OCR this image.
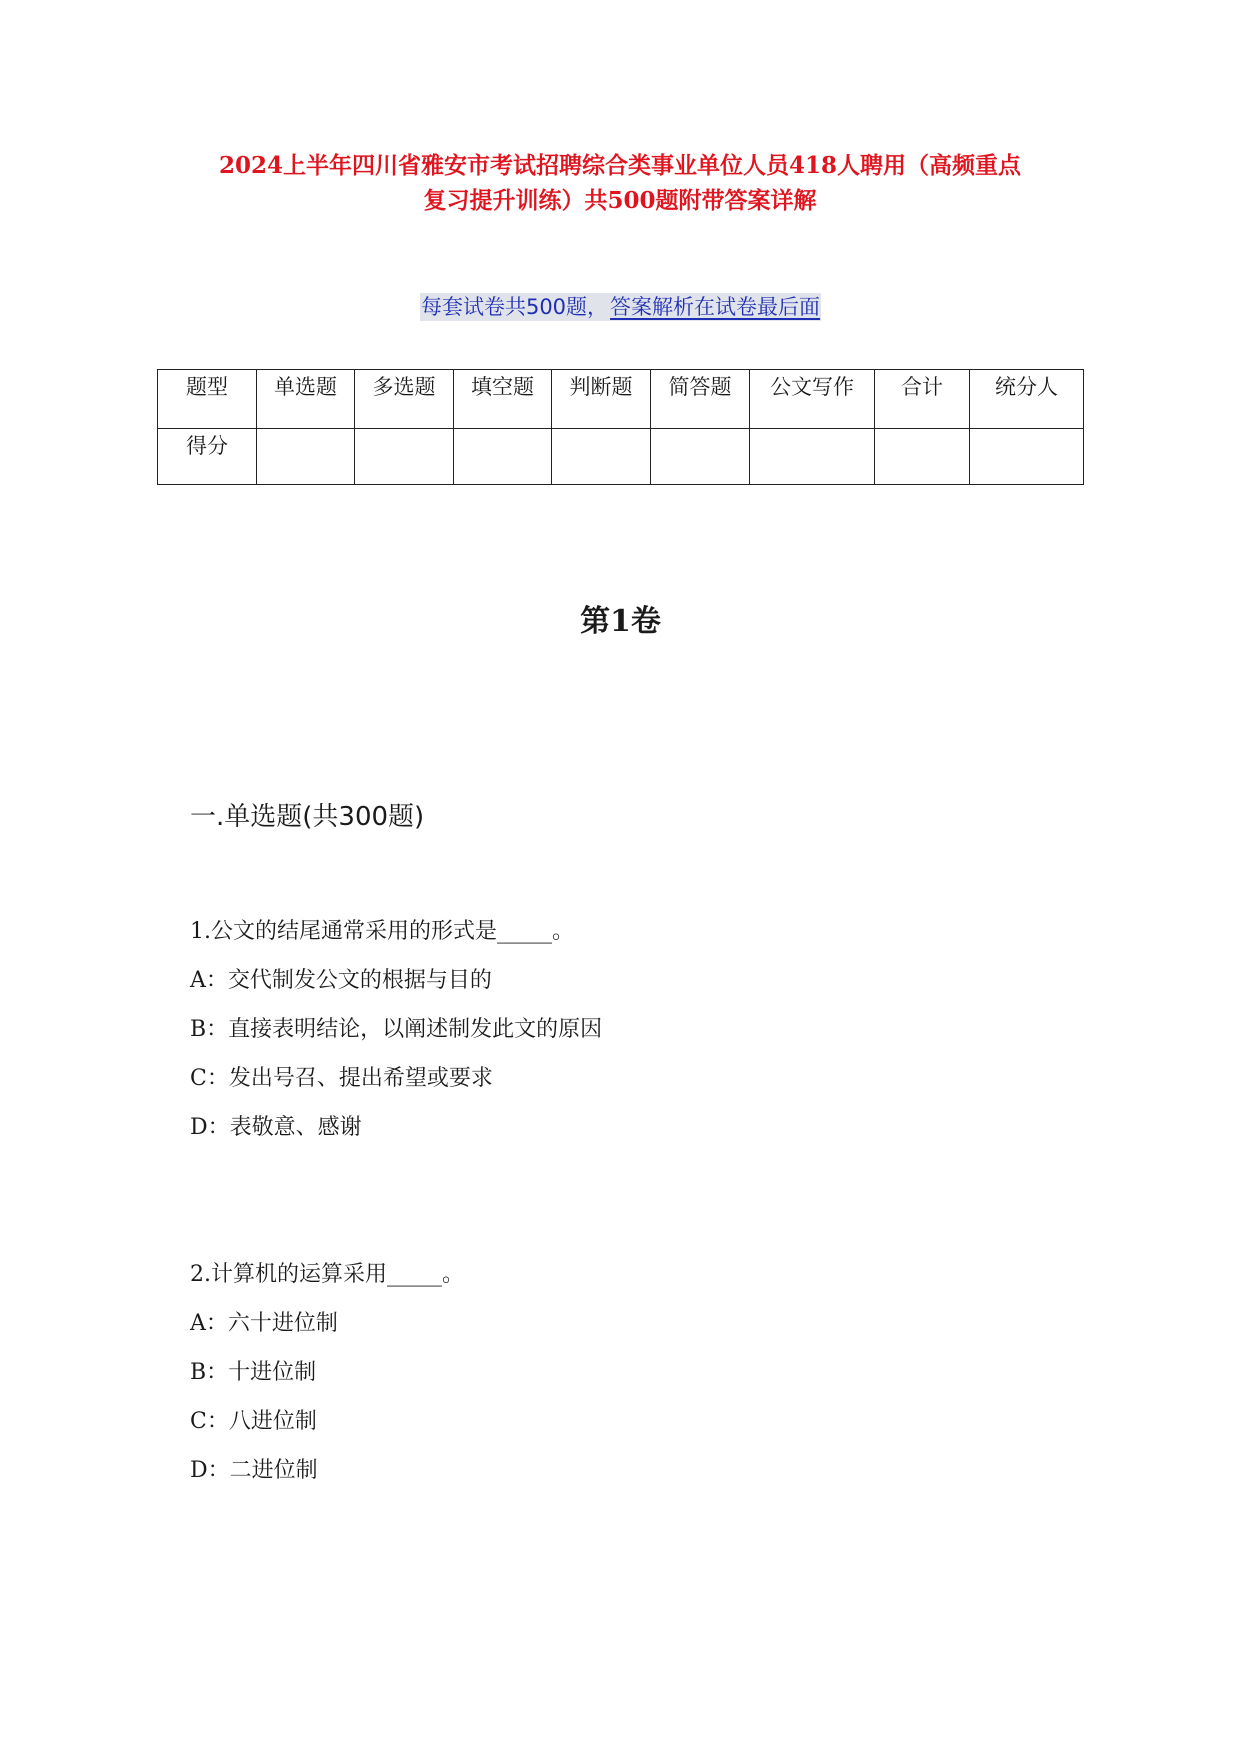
2024上半年四川省雅安市考试招聘综合类事业单位人员418人聘用（高频重点
复习提升训练）共500题附带答案详解
每套试卷共500题，答案解析在试卷最后面
题型	单选题	多选题	填空题	判断题	简答题	公文写作	合计	统分人
得分								
第1卷
一.单选题(共300题)

1.公文的结尾通常采用的形式是_____。

A：交代制发公文的根据与目的

B：直接表明结论，以阐述制发此文的原因

C：发出号召、提出希望或要求

D：表敬意、感谢

2.计算机的运算采用_____。

A：六十进位制

B：十进位制

C：八进位制

D：二进位制
